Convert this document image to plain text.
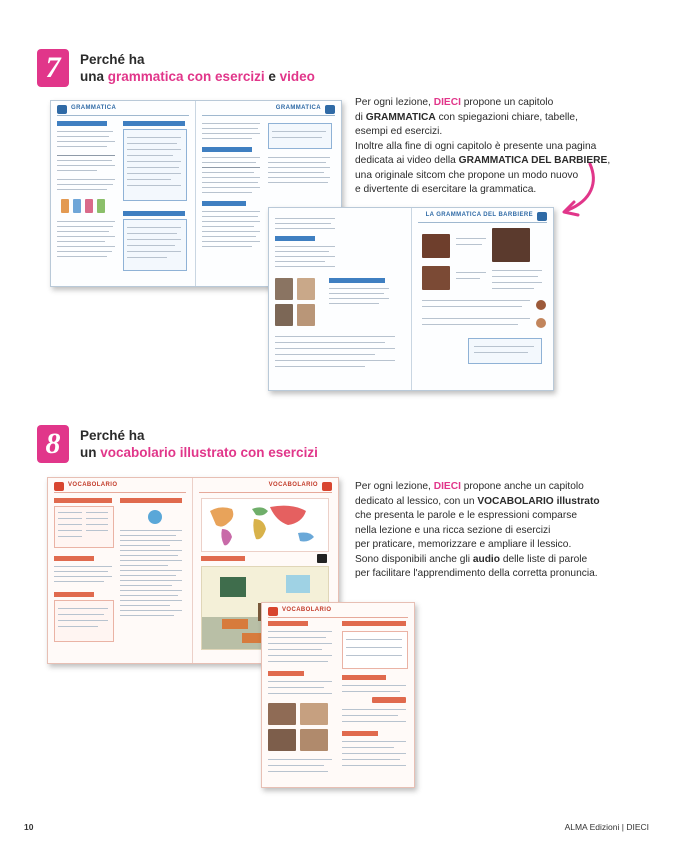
7	Perché ha
una grammatica con esercizi e video
GRAMMATICA	GRAMMATICA
LA GRAMMATICA DEL BARBIERE
Per ogni lezione, DIECI propone un capitolo
di GRAMMATICA con spiegazioni chiare, tabelle,
esempi ed esercizi.
Inoltre alla fine di ogni capitolo è presente una pagina
dedicata ai video della GRAMMATICA DEL BARBIERE,
una originale sitcom che propone un modo nuovo
e divertente di esercitare la grammatica.
8	Perché ha
un vocabolario illustrato con esercizi
VOCABOLARIO	VOCABOLARIO
VOCABOLARIO
Per ogni lezione, DIECI propone anche un capitolo
dedicato al lessico, con un VOCABOLARIO illustrato
che presenta le parole e le espressioni comparse
nella lezione e una ricca sezione di esercizi
per praticare, memorizzare e ampliare il lessico.
Sono disponibili anche gli audio delle liste di parole
per facilitare l'apprendimento della corretta pronuncia.
10	ALMA Edizioni | DIECI
